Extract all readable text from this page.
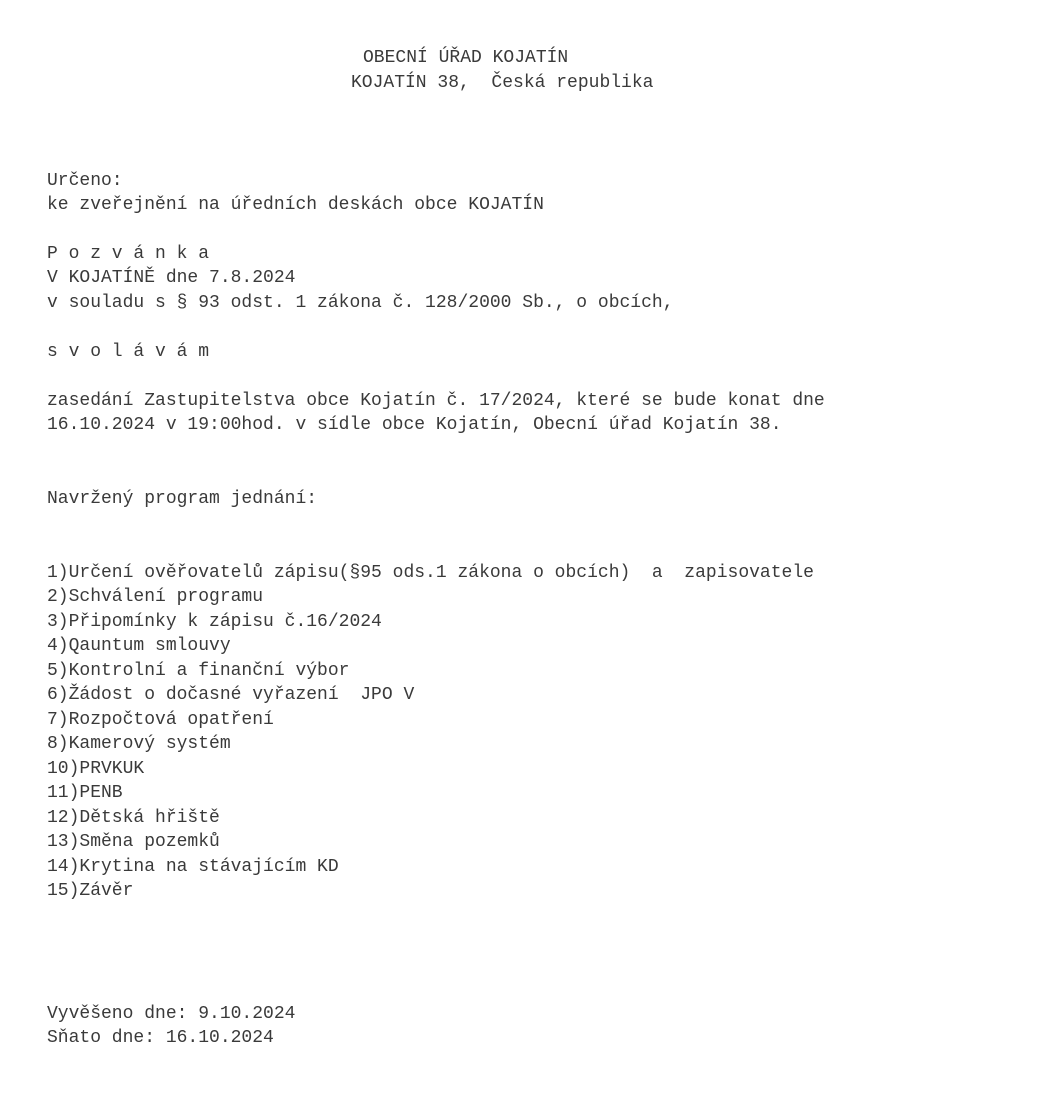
OBECNÍ ÚŘAD KOJATÍN
KOJATÍN 38,  Česká republika
Určeno:
ke zveřejnění na úředních deskách obce KOJATÍN
P o z v á n k a
V KOJATÍNĚ dne 7.8.2024
v souladu s § 93 odst. 1 zákona č. 128/2000 Sb., o obcích,
s v o l á v á m
zasedání Zastupitelstva obce Kojatín č. 17/2024, které se bude konat dne
16.10.2024 v 19:00hod. v sídle obce Kojatín, Obecní úřad Kojatín 38.
Navržený program jednání:
1)Určení ověřovatelů zápisu(§95 ods.1 zákona o obcích)  a  zapisovatele
2)Schválení programu
3)Připomínky k zápisu č.16/2024
4)Qauntum smlouvy
5)Kontrolní a finanční výbor
6)Žádost o dočasné vyřazení  JPO V
7)Rozpočtová opatření
8)Kamerový systém
10)PRVKUK
11)PENB
12)Dětská hřiště
13)Směna pozemků
14)Krytina na stávajícím KD
15)Závěr
Vyvěšeno dne: 9.10.2024
Sňato dne: 16.10.2024
